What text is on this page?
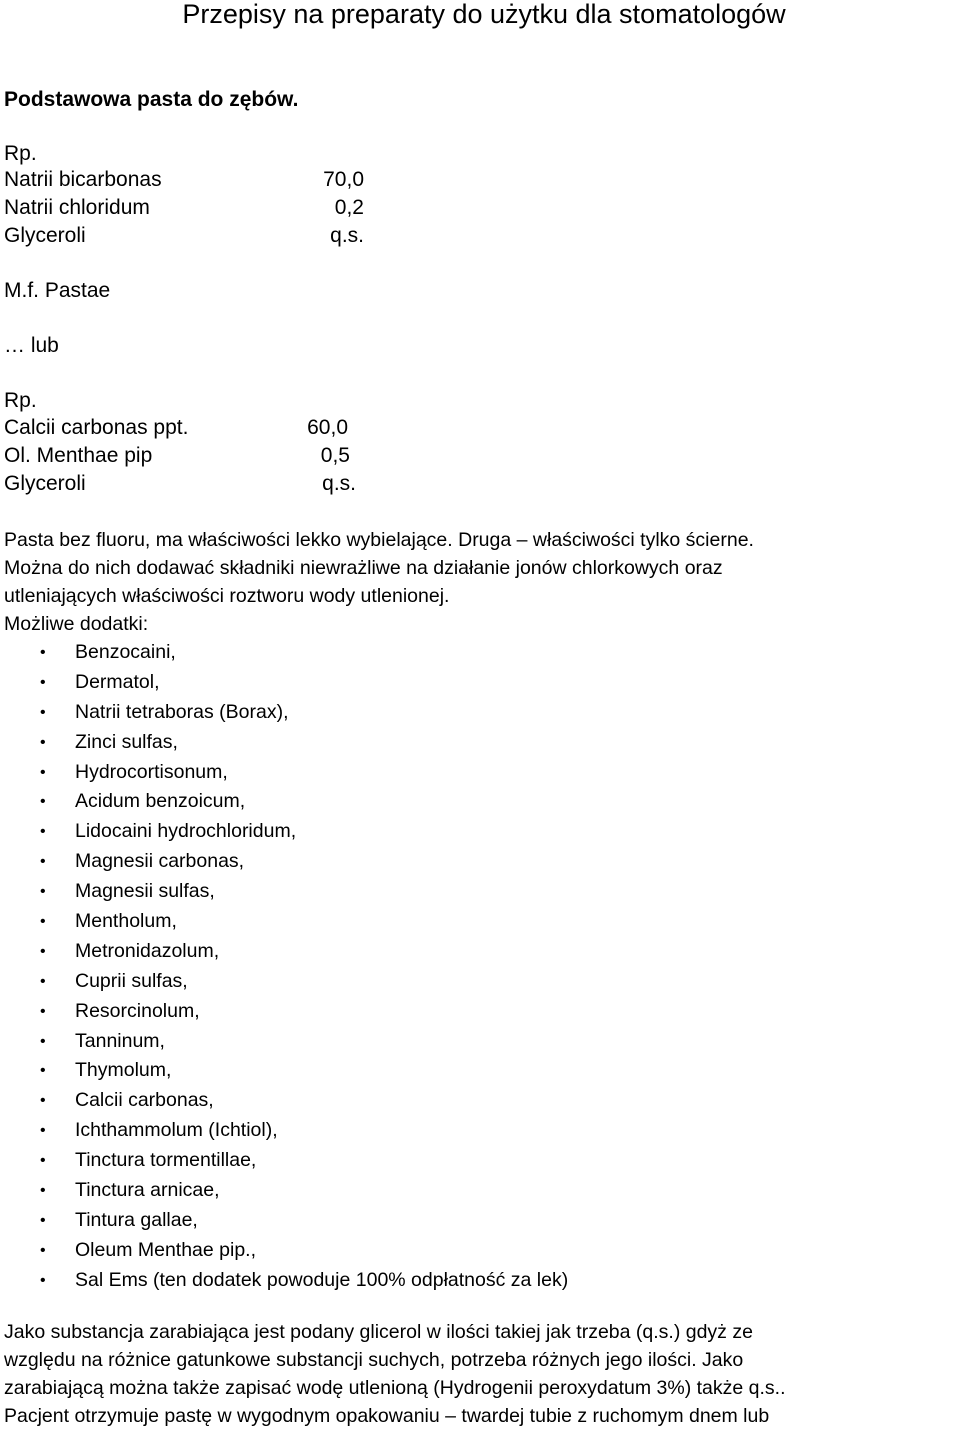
Przepisy na preparaty do użytku dla stomatologów
Podstawowa pasta do zębów.
Rp.
Natrii bicarbonas	70,0
Natrii chloridum	0,2
Glyceroli	q.s.
M.f. Pastae
… lub
Rp.
Calcii carbonas ppt.	60,0
Ol. Menthae pip	0,5
Glyceroli	q.s.
Pasta bez fluoru, ma właściwości lekko wybielające. Druga – właściwości tylko ścierne.
Można do nich dodawać składniki niewrażliwe na działanie jonów chlorkowych oraz
utleniających właściwości roztworu wody utlenionej.
Możliwe dodatki:
• Benzocaini,
• Dermatol,
• Natrii tetraboras (Borax),
• Zinci sulfas,
• Hydrocortisonum,
• Acidum benzoicum,
• Lidocaini hydrochloridum,
• Magnesii carbonas,
• Magnesii sulfas,
• Mentholum,
• Metronidazolum,
• Cuprii sulfas,
• Resorcinolum,
• Tanninum,
• Thymolum,
• Calcii carbonas,
• Ichthammolum (Ichtiol),
• Tinctura tormentillae,
• Tinctura arnicae,
• Tintura gallae,
• Oleum Menthae pip.,
• Sal Ems (ten dodatek powoduje 100% odpłatność za lek)
Jako substancja zarabiająca jest podany glicerol w ilości takiej jak trzeba (q.s.) gdyż ze
względu na różnice gatunkowe substancji suchych, potrzeba różnych jego ilości. Jako
zarabiającą można także zapisać wodę utlenioną (Hydrogenii peroxydatum 3%) także q.s..
Pacjent otrzymuje pastę w wygodnym opakowaniu – twardej tubie z ruchomym dnem lub
